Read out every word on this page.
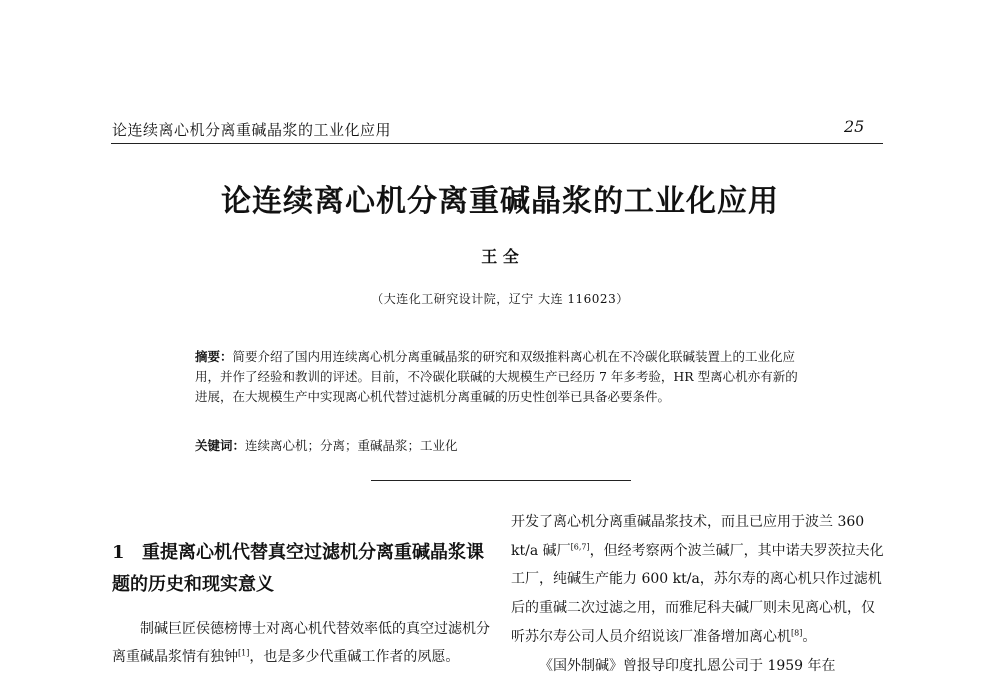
论连续离心机分离重碱晶浆的工业化应用	25
论连续离心机分离重碱晶浆的工业化应用
王 全
（大连化工研究设计院，辽宁 大连 116023）
摘要：简要介绍了国内用连续离心机分离重碱晶浆的研究和双级推料离心机在不冷碳化联碱装置上的工业化应用，并作了经验和教训的评述。目前，不冷碳化联碱的大规模生产已经历 7 年多考验，HR 型离心机亦有新的进展，在大规模生产中实现离心机代替过滤机分离重碱的历史性创举已具备必要条件。
关键词：连续离心机；分离；重碱晶浆；工业化
1 重提离心机代替真空过滤机分离重碱晶浆课题的历史和现实意义
制碱巨匠侯德榜博士对离心机代替效率低的真空过滤机分离重碱晶浆情有独钟[1]，也是多少代重碱工作者的夙愿。
开发了离心机分离重碱晶浆技术，而且已应用于波兰 360 kt/a 碱厂[6,7]，但经考察两个波兰碱厂，其中诺夫罗茨拉夫化工厂，纯碱生产能力 600 kt/a，苏尔寿的离心机只作过滤机后的重碱二次过滤之用，而雅尼科夫碱厂则未见离心机，仅听苏尔寿公司人员介绍说该厂准备增加离心机[8]。
《国外制碱》曾报导印度扎恩公司于 1959 年在
